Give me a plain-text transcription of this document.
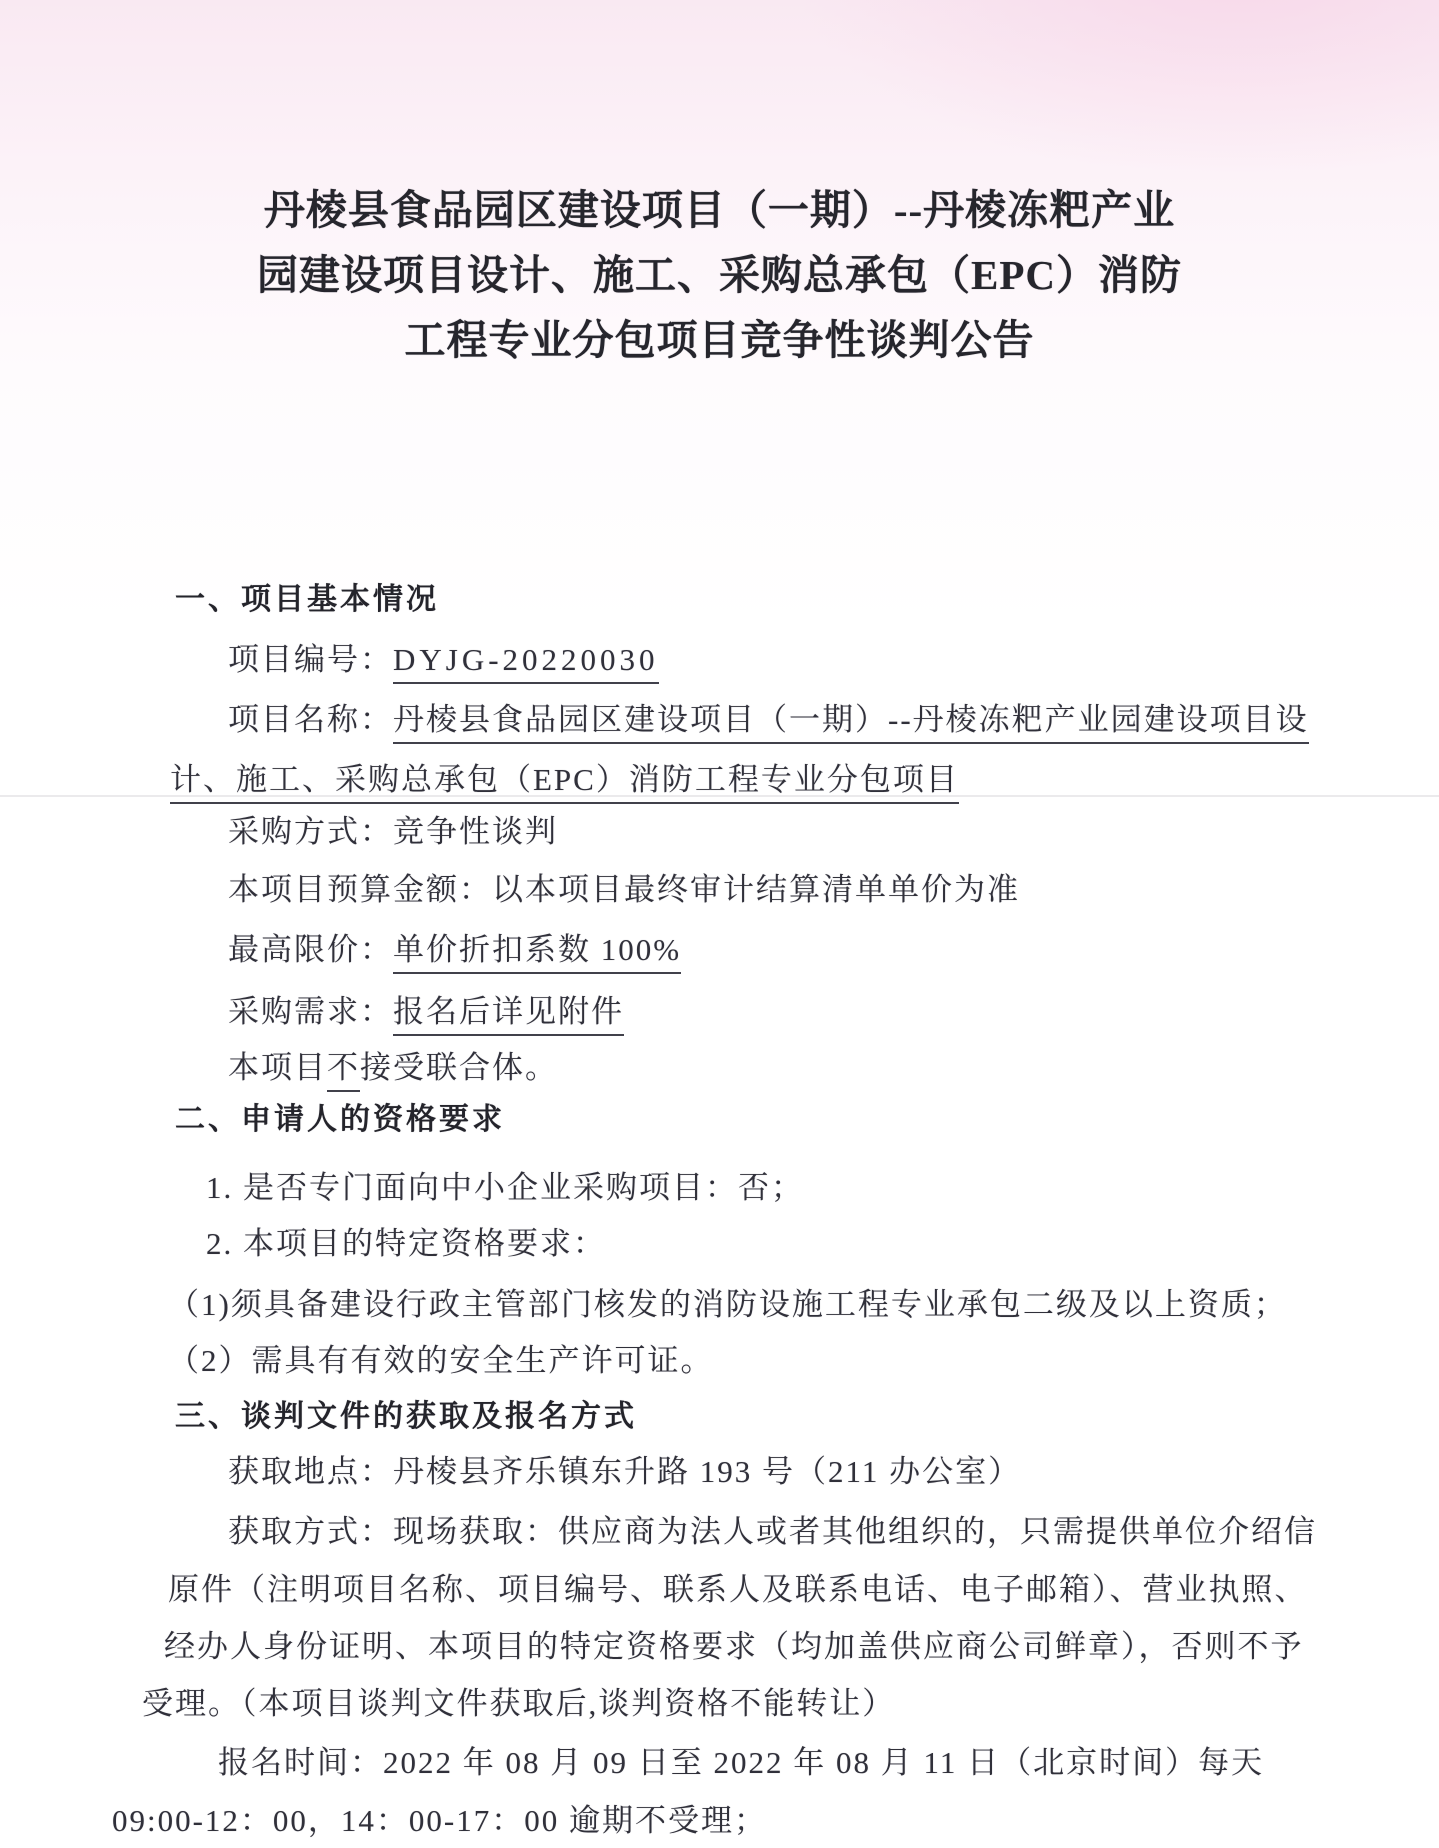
丹棱县食品园区建设项目（一期）--丹棱冻粑产业
园建设项目设计、施工、采购总承包（EPC）消防
工程专业分包项目竞争性谈判公告
一、项目基本情况
项目编号：DYJG-20220030
项目名称：丹棱县食品园区建设项目（一期）--丹棱冻粑产业园建设项目设
计、施工、采购总承包（EPC）消防工程专业分包项目
采购方式：竞争性谈判
本项目预算金额：以本项目最终审计结算清单单价为准
最高限价：单价折扣系数 100%
采购需求：报名后详见附件
本项目不接受联合体。
二、申请人的资格要求
1. 是否专门面向中小企业采购项目：否；
2. 本项目的特定资格要求：
（1)须具备建设行政主管部门核发的消防设施工程专业承包二级及以上资质；
（2）需具有有效的安全生产许可证。
三、谈判文件的获取及报名方式
获取地点：丹棱县齐乐镇东升路 193 号（211 办公室）
获取方式：现场获取：供应商为法人或者其他组织的，只需提供单位介绍信
原件（注明项目名称、项目编号、联系人及联系电话、电子邮箱）、营业执照、
经办人身份证明、本项目的特定资格要求（均加盖供应商公司鲜章），否则不予
受理。（本项目谈判文件获取后,谈判资格不能转让）
报名时间：2022 年 08 月 09 日至 2022 年 08 月 11 日（北京时间）每天
09:00-12：00，14：00-17：00 逾期不受理；
